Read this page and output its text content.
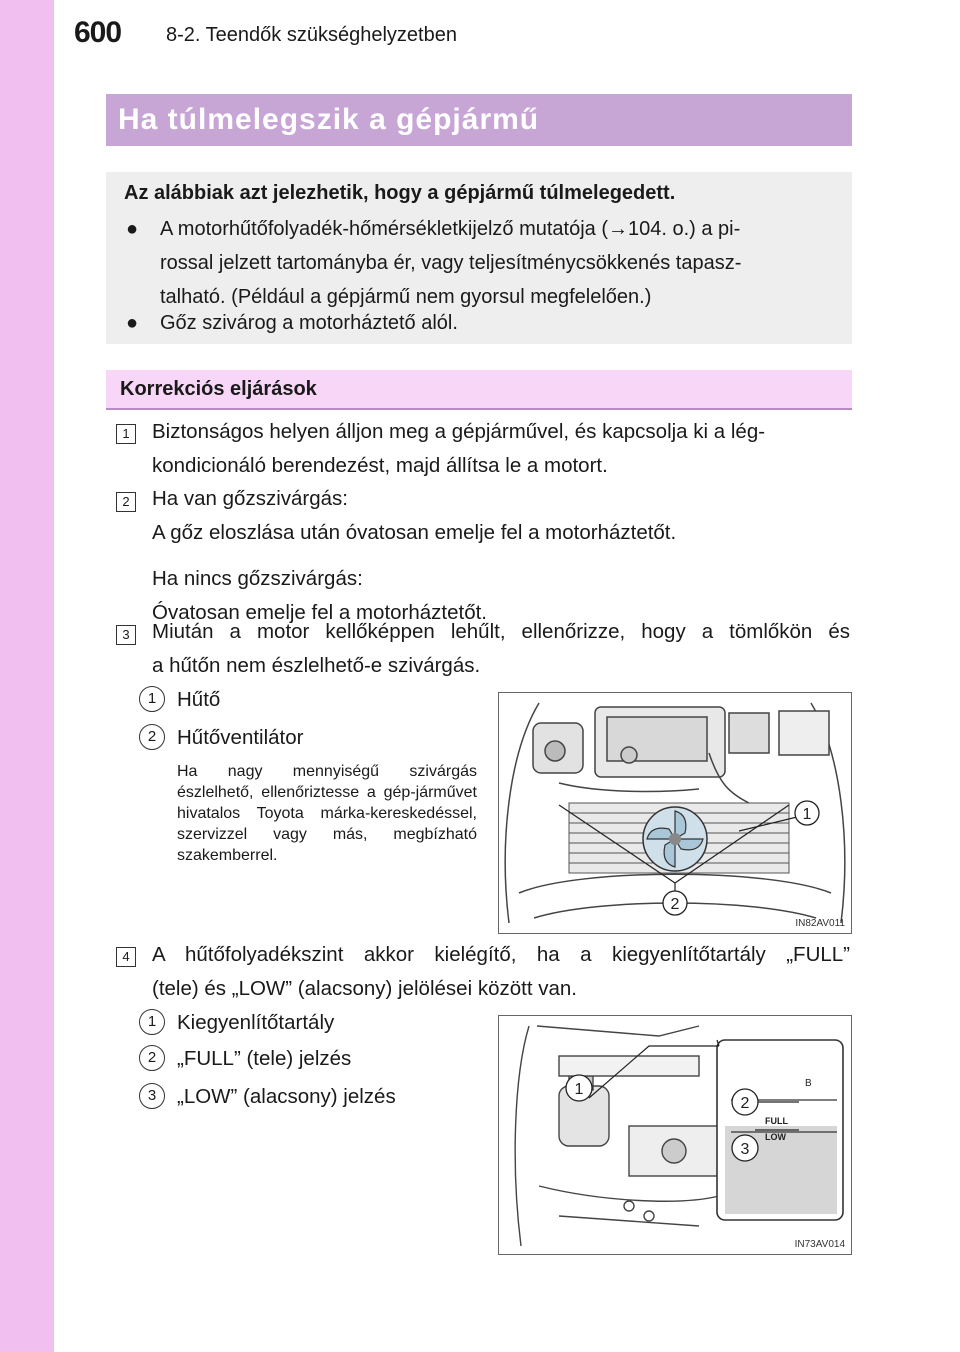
600 8-2. Teendők szükséghelyzetben
Ha túlmelegszik a gépjármű
Az alábbiak azt jelezhetik, hogy a gépjármű túlmelegedett.
● A motorhűtőfolyadék-hőmérsékletkijelző mutatója (→104. o.) a pi-
rossal jelzett tartományba ér, vagy teljesítménycsökkenés tapasz-
talható. (Például a gépjármű nem gyorsul megfelelően.)
● Gőz szivárog a motorháztető alól.
Korrekciós eljárások
1	Biztonságos helyen álljon meg a gépjárművel, és kapcsolja ki a lég-
kondicionáló berendezést, majd állítsa le a motort.
2	Ha van gőzszivárgás:
A gőz eloszlása után óvatosan emelje fel a motorháztetőt.
Ha nincs gőzszivárgás:
Óvatosan emelje fel a motorháztetőt.
3	Miután a motor kellőképpen lehűlt, ellenőrizze, hogy a tömlőkön és
a hűtőn nem észlelhető-e szivárgás.
1	Hűtő
2	Hűtőventilátor
Ha nagy mennyiségű szivárgás észlelhető, ellenőriztesse a gép-járművet hivatalos Toyota márka-kereskedéssel, szervizzel vagy más, megbízható szakemberrel.
1
2
IN82AV011
4	A hűtőfolyadékszint akkor kielégítő, ha a kiegyenlítőtartály „FULL”
(tele) és „LOW” (alacsony) jelölései között van.
1	Kiegyenlítőtartály
2	„FULL” (tele) jelzés
3	„LOW” (alacsony) jelzés
B
FULL
LOW
1
2
3
IN73AV014
